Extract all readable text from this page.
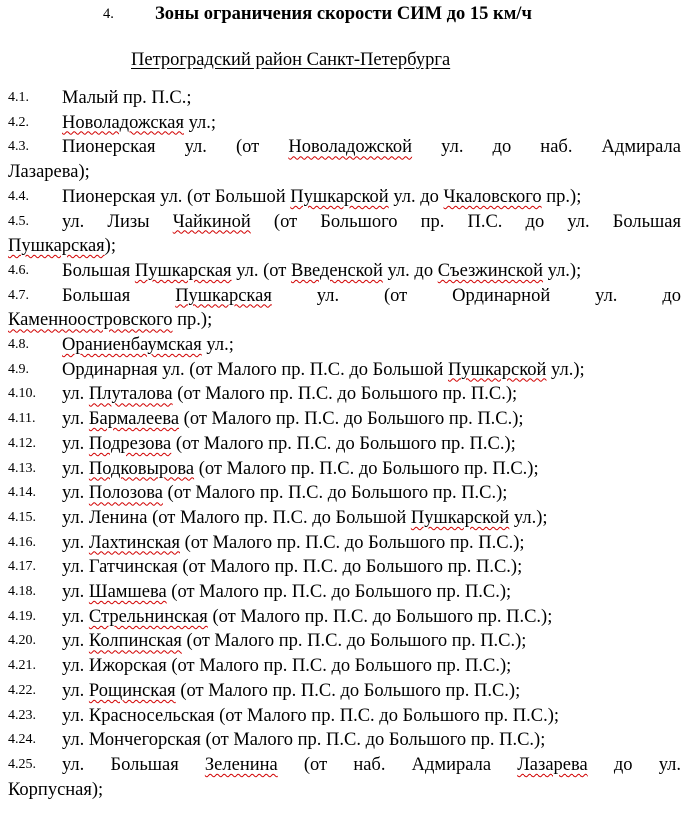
4. Зоны ограничения скорости СИМ до 15 км/ч
Петроградский район Санкт-Петербурга
4.1.	Малый пр. П.С.;
4.2.	Новоладожская ул.;
4.3.	Пионерская ул. (от Новоладожской ул. до наб. Адмирала
Лазарева);
4.4.	Пионерская ул. (от Большой Пушкарской ул. до Чкаловского пр.);
4.5.	ул. Лизы Чайкиной (от Большого пр. П.С. до ул. Большая
Пушкарская);
4.6.	Большая Пушкарская ул. (от Введенской ул. до Съезжинской ул.);
4.7.	Большая Пушкарская ул. (от Ординарной ул. до
Каменноостровского пр.);
4.8.	Ораниенбаумская ул.;
4.9.	Ординарная ул. (от Малого пр. П.С. до Большой Пушкарской ул.);
4.10.	ул. Плуталова (от Малого пр. П.С. до Большого пр. П.С.);
4.11.	ул. Бармалеева (от Малого пр. П.С. до Большого пр. П.С.);
4.12.	ул. Подрезова (от Малого пр. П.С. до Большого пр. П.С.);
4.13.	ул. Подковырова (от Малого пр. П.С. до Большого пр. П.С.);
4.14.	ул. Полозова (от Малого пр. П.С. до Большого пр. П.С.);
4.15.	ул. Ленина (от Малого пр. П.С. до Большой Пушкарской ул.);
4.16.	ул. Лахтинская (от Малого пр. П.С. до Большого пр. П.С.);
4.17.	ул. Гатчинская (от Малого пр. П.С. до Большого пр. П.С.);
4.18.	ул. Шамшева (от Малого пр. П.С. до Большого пр. П.С.);
4.19.	ул. Стрельнинская (от Малого пр. П.С. до Большого пр. П.С.);
4.20.	ул. Колпинская (от Малого пр. П.С. до Большого пр. П.С.);
4.21.	ул. Ижорская (от Малого пр. П.С. до Большого пр. П.С.);
4.22.	ул. Рощинская (от Малого пр. П.С. до Большого пр. П.С.);
4.23.	ул. Красносельская (от Малого пр. П.С. до Большого пр. П.С.);
4.24.	ул. Мончегорская (от Малого пр. П.С. до Большого пр. П.С.);
4.25.	ул. Большая Зеленина (от наб. Адмирала Лазарева до ул.
Корпусная);
